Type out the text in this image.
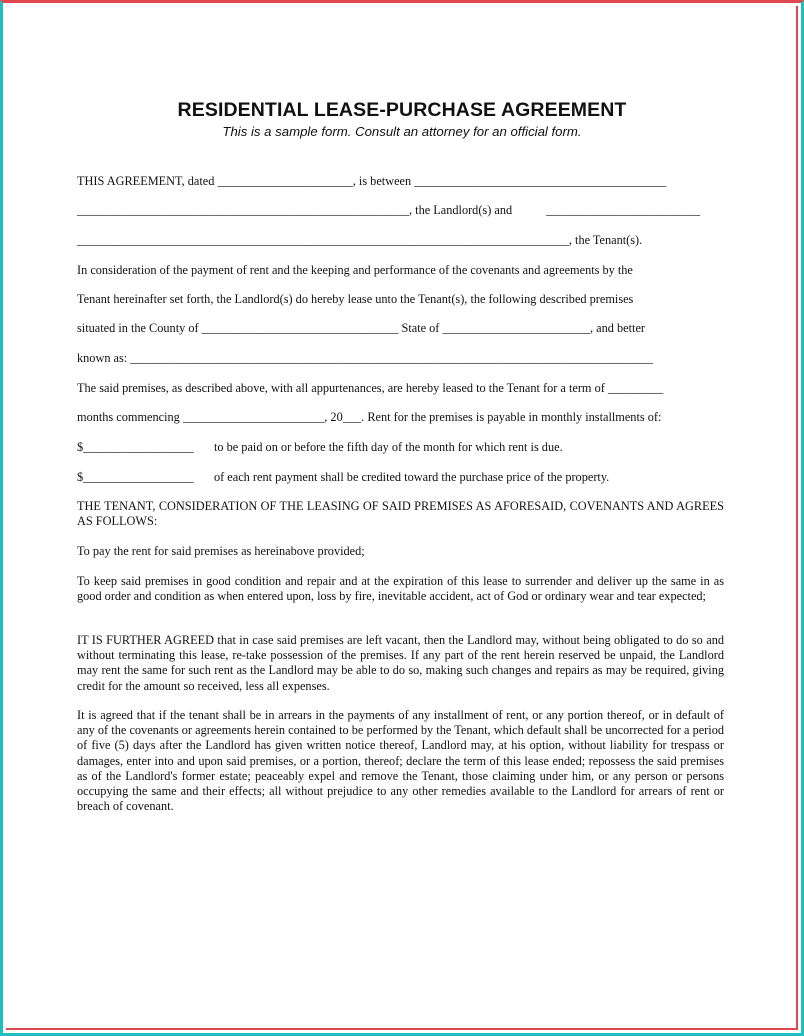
RESIDENTIAL LEASE-PURCHASE AGREEMENT
This is a sample form. Consult an attorney for an official form.
THIS AGREEMENT, dated ______________________, is between _________________________________________
______________________________________________________, the Landlord(s) and	_________________________
________________________________________________________________________________, the Tenant(s).
In consideration of the payment of rent and the keeping and performance of the covenants and agreements by the
Tenant hereinafter set forth, the Landlord(s) do hereby lease unto the Tenant(s), the following described premises
situated in the County of ________________________________ State of ________________________, and better
known as: _____________________________________________________________________________________
The said premises, as described above, with all appurtenances, are hereby leased to the Tenant for a term of _________
months commencing _______________________, 20___. Rent for the premises is payable in monthly installments of:
$__________________ to be paid on or before the fifth day of the month for which rent is due.
$__________________ of each rent payment shall be credited toward the purchase price of the property.
THE TENANT, CONSIDERATION OF THE LEASING OF SAID PREMISES AS AFORESAID, COVENANTS AND AGREES AS FOLLOWS:
To pay the rent for said premises as hereinabove provided;
To keep said premises in good condition and repair and at the expiration of this lease to surrender and deliver up the same in as good order and condition as when entered upon, loss by fire, inevitable accident, act of God or ordinary wear and tear expected;
IT IS FURTHER AGREED that in case said premises are left vacant, then the Landlord may, without being obligated to do so and without terminating this lease, re-take possession of the premises. If any part of the rent herein reserved be unpaid, the Landlord may rent the same for such rent as the Landlord may be able to do so, making such changes and repairs as may be required, giving credit for the amount so received, less all expenses.
It is agreed that if the tenant shall be in arrears in the payments of any installment of rent, or any portion thereof, or in default of any of the covenants or agreements herein contained to be performed by the Tenant, which default shall be uncorrected for a period of five (5) days after the Landlord has given written notice thereof, Landlord may, at his option, without liability for trespass or damages, enter into and upon said premises, or a portion, thereof; declare the term of this lease ended; repossess the said premises as of the Landlord's former estate; peaceably expel and remove the Tenant, those claiming under him, or any person or persons occupying the same and their effects; all without prejudice to any other remedies available to the Landlord for arrears of rent or breach of covenant.
